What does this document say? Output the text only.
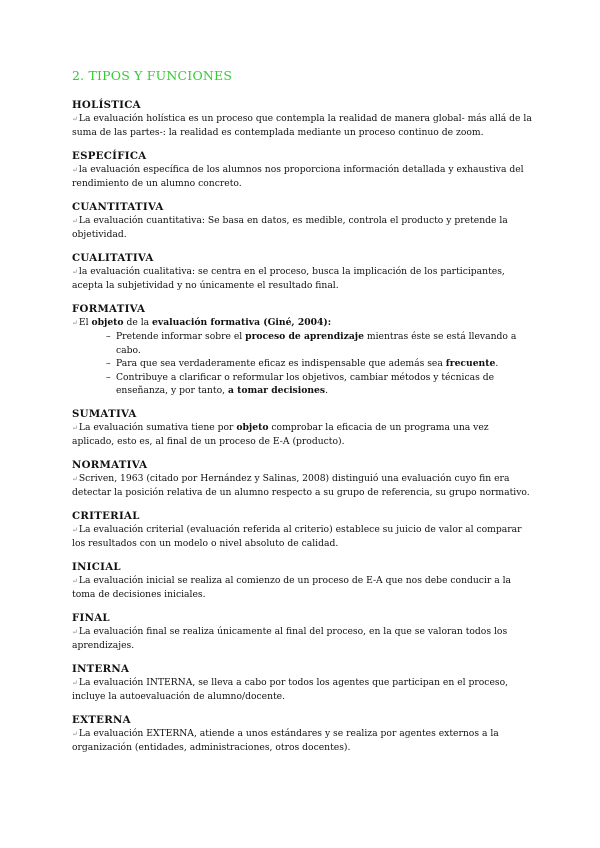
2. TIPOS Y FUNCIONES
HOLÍSTICA

↵La evaluación holística es un proceso que contempla la realidad de manera global- más allá de la suma de las partes-: la realidad es contemplada mediante un proceso continuo de zoom.

ESPECÍFICA

↵la evaluación específica de los alumnos nos proporciona información detallada y exhaustiva del rendimiento de un alumno concreto.

CUANTITATIVA

↵La evaluación cuantitativa: Se basa en datos, es medible, controla el producto y pretende la objetividad.

CUALITATIVA

↵la evaluación cualitativa: se centra en el proceso, busca la implicación de los participantes, acepta la subjetividad y no únicamente el resultado final.

FORMATIVA

↵El objeto de la evaluación formativa (Giné, 2004):

– Pretende informar sobre el proceso de aprendizaje mientras éste se está llevando a cabo.
– Para que sea verdaderamente eficaz es indispensable que además sea frecuente.
– Contribuye a clarificar o reformular los objetivos, cambiar métodos y técnicas de enseñanza, y por tanto, a tomar decisiones.
SUMATIVA

↵La evaluación sumativa tiene por objeto comprobar la eficacia de un programa una vez aplicado, esto es, al final de un proceso de E-A (producto).

NORMATIVA

↵Scriven, 1963 (citado por Hernández y Salinas, 2008) distinguió una evaluación cuyo fin era detectar la posición relativa de un alumno respecto a su grupo de referencia, su grupo normativo.

CRITERIAL

↵La evaluación criterial (evaluación referida al criterio) establece su juicio de valor al comparar los resultados con un modelo o nivel absoluto de calidad.

INICIAL

↵La evaluación inicial se realiza al comienzo de un proceso de E-A que nos debe conducir a la toma de decisiones iniciales.

FINAL

↵La evaluación final se realiza únicamente al final del proceso, en la que se valoran todos los aprendizajes.

INTERNA

↵La evaluación INTERNA, se lleva a cabo por todos los agentes que participan en el proceso, incluye la autoevaluación de alumno/docente.

EXTERNA

↵La evaluación EXTERNA, atiende a unos estándares y se realiza por agentes externos a la organización (entidades, administraciones, otros docentes).
